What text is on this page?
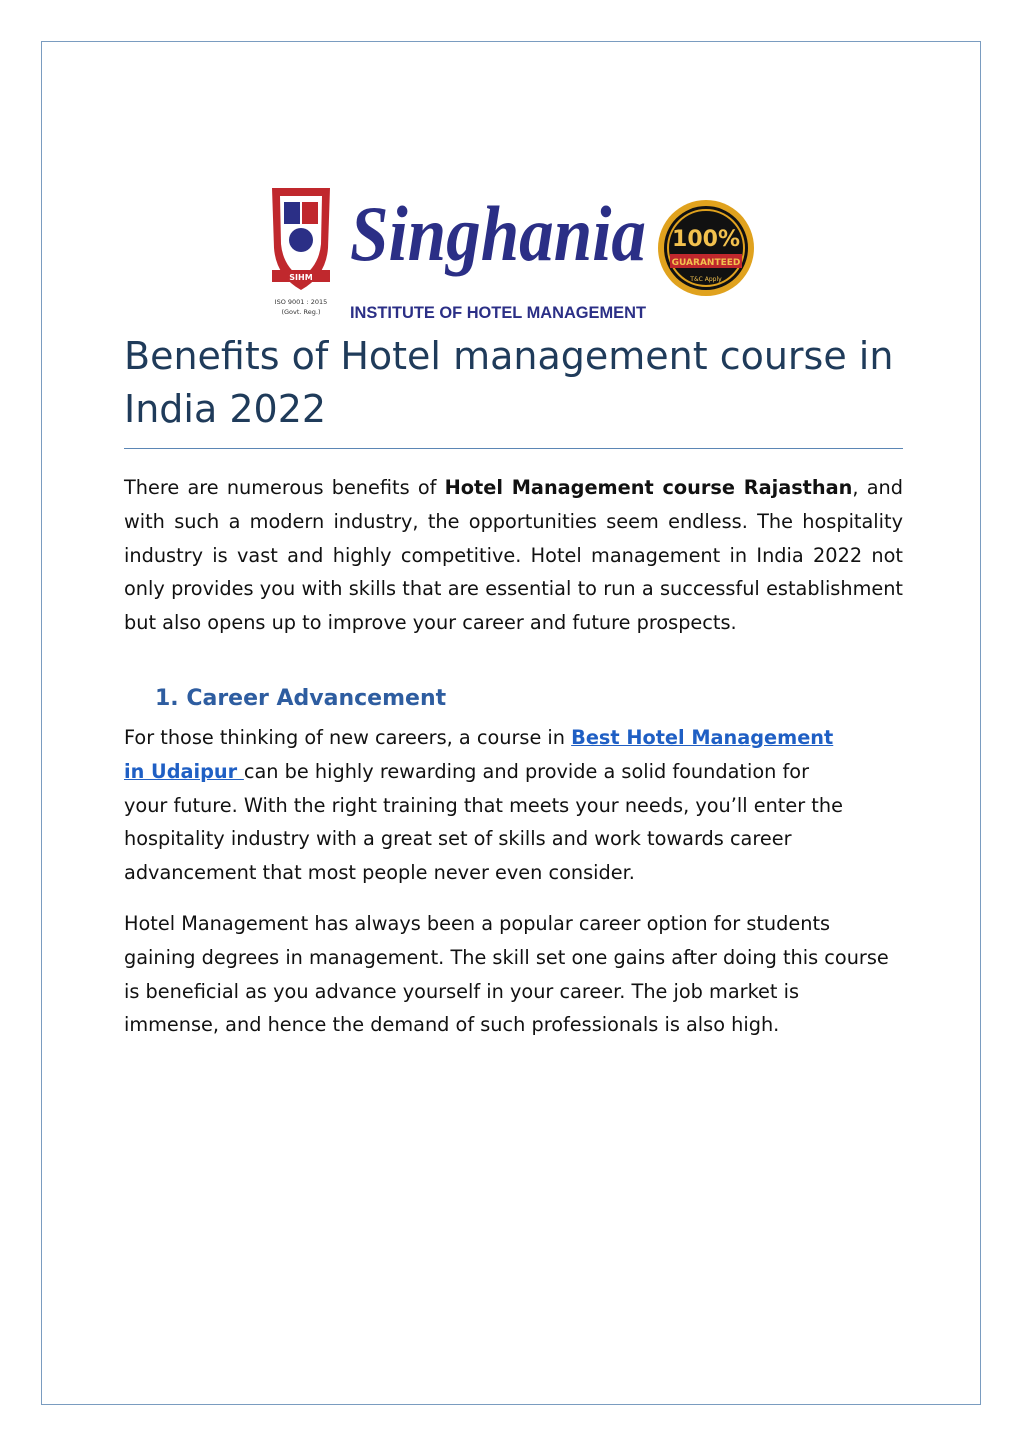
SIHM
ISO 9001 : 2015
(Govt. Reg.)
Singhania
INSTITUTE OF HOTEL MANAGEMENT
100%
GUARANTEED
T&C Apply
Benefits of Hotel management course in India 2022

There are numerous benefits of Hotel Management course Rajasthan, and with such a modern industry, the opportunities seem endless. The hospitality industry is vast and highly competitive. Hotel management in India 2022 not only provides you with skills that are essential to run a successful establishment but also opens up to improve your career and future prospects.

1. Career Advancement

For those thinking of new careers, a course in Best Hotel Management in Udaipur can be highly rewarding and provide a solid foundation for your future. With the right training that meets your needs, you’ll enter the hospitality industry with a great set of skills and work towards career advancement that most people never even consider.

Hotel Management has always been a popular career option for students gaining degrees in management. The skill set one gains after doing this course is beneficial as you advance yourself in your career. The job market is immense, and hence the demand of such professionals is also high.
